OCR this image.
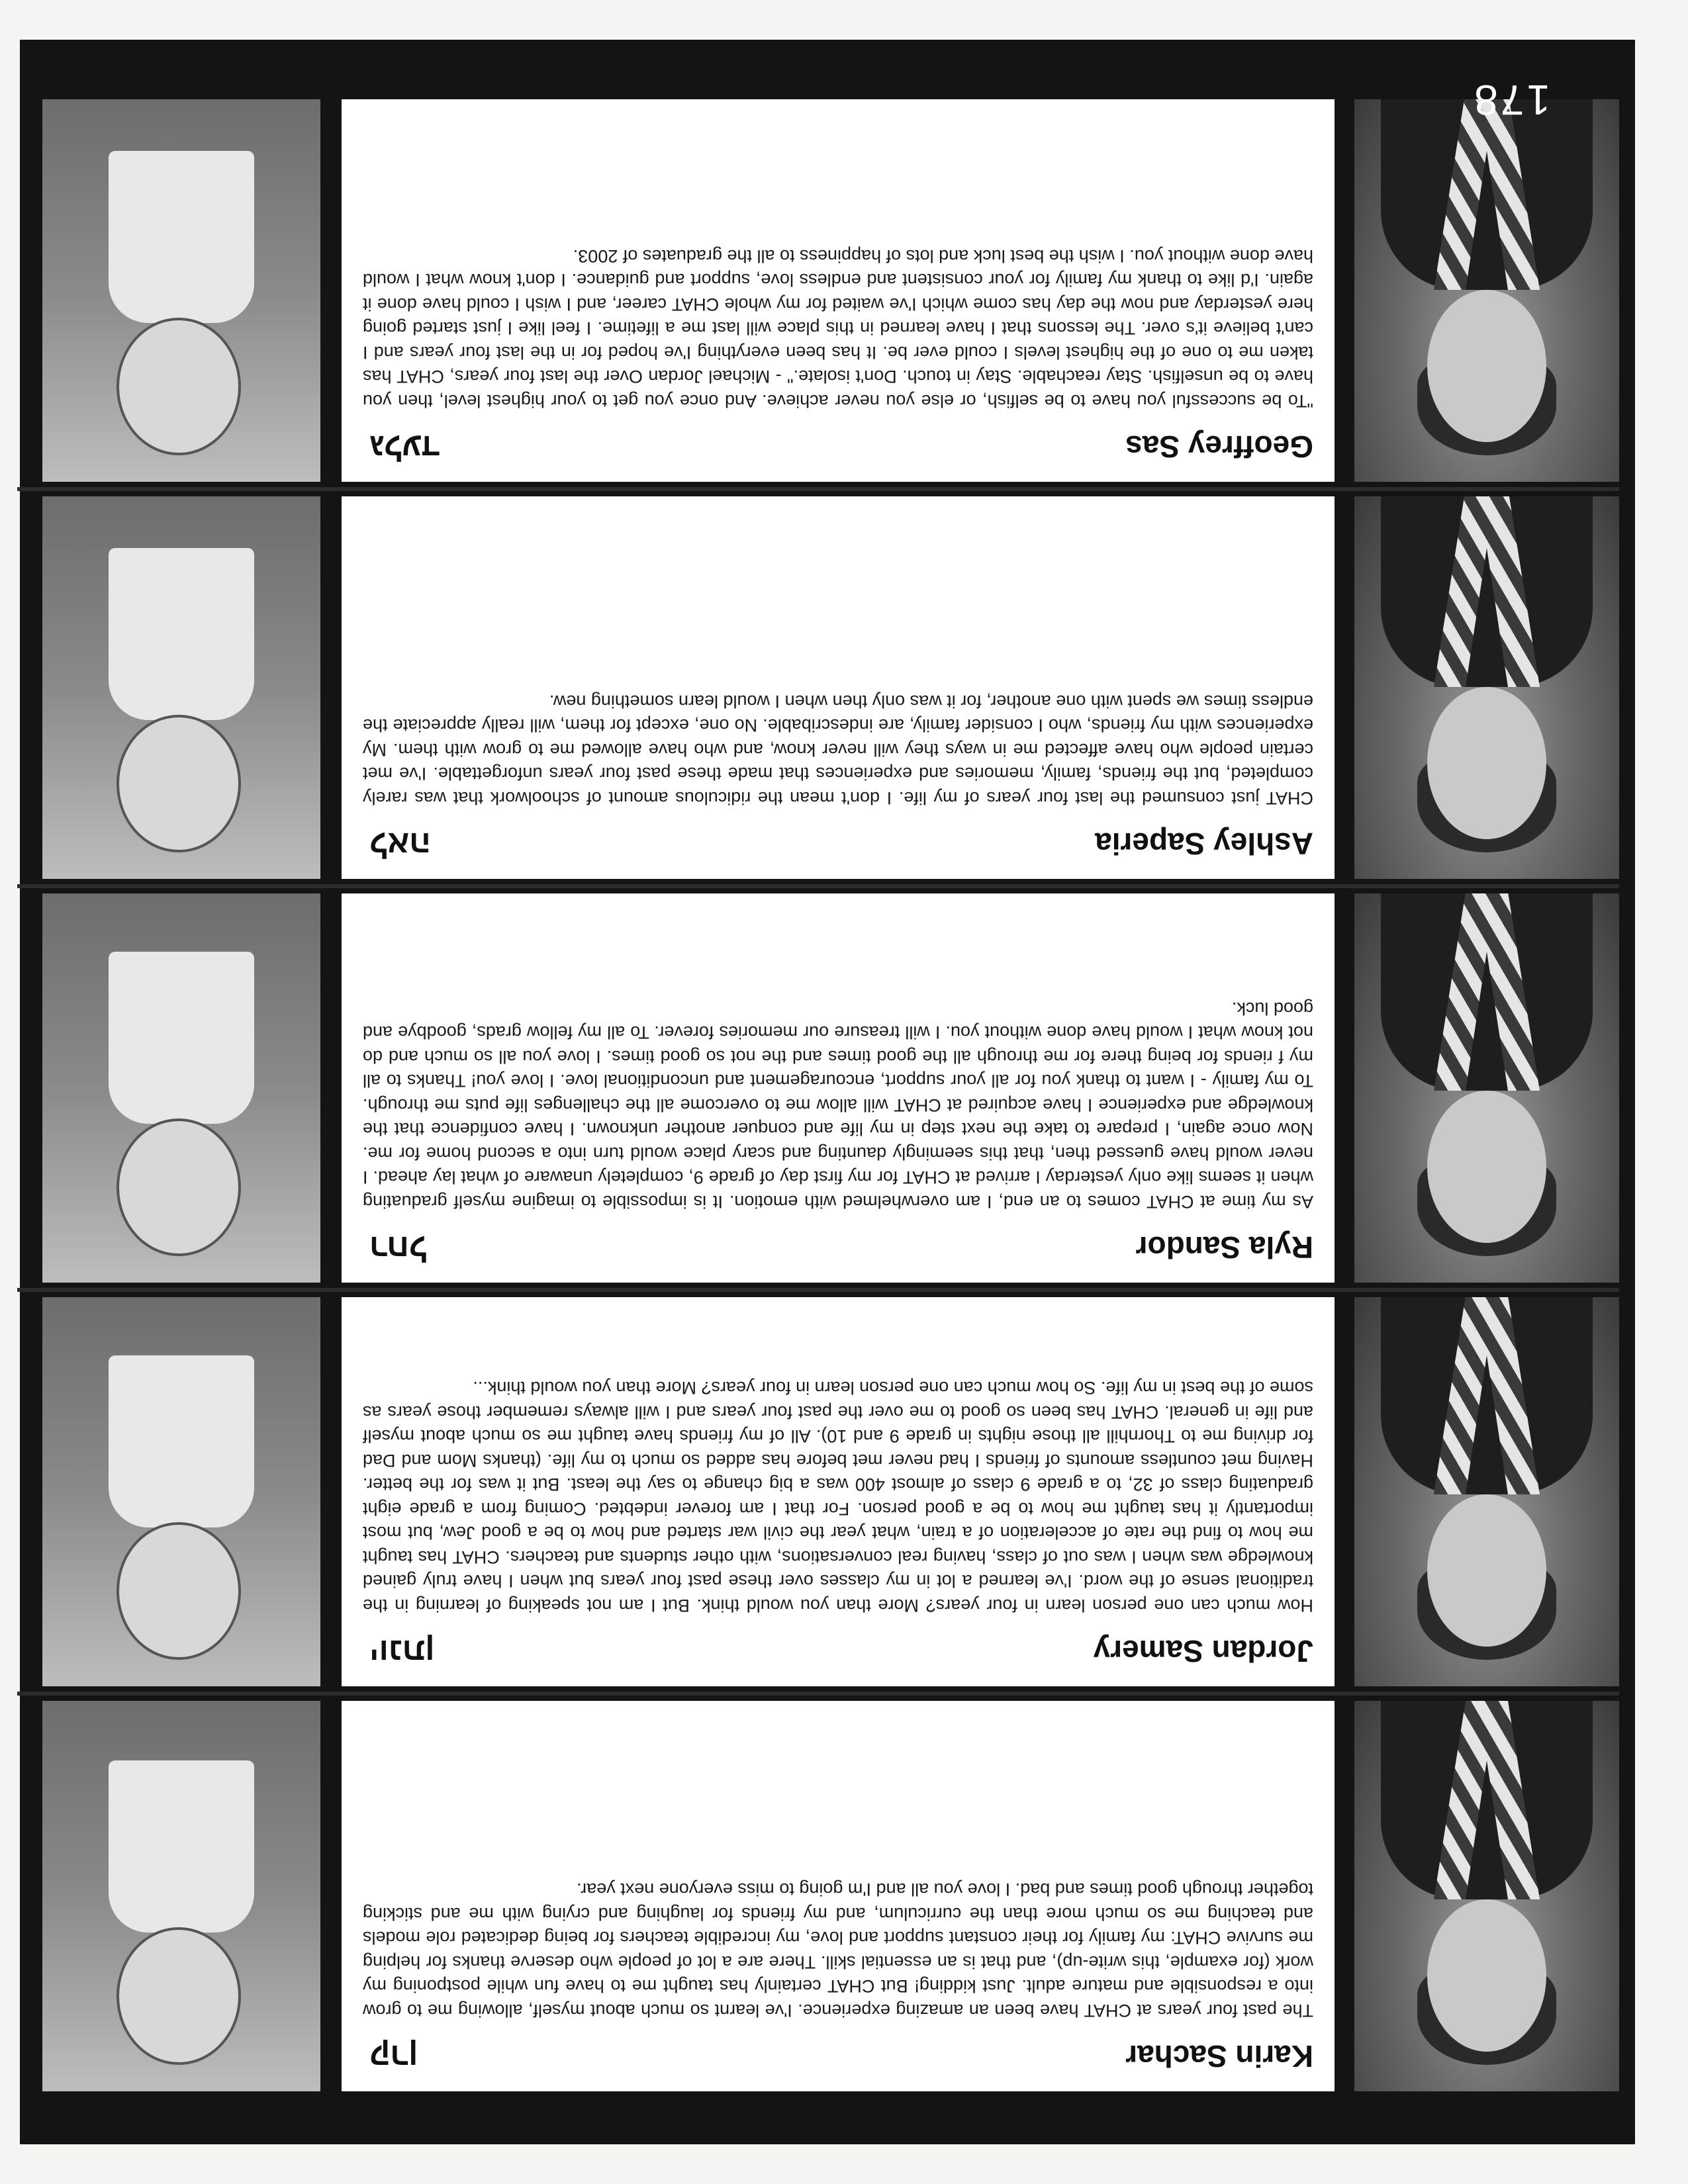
Karin Sachar
קרן
The past four years at CHAT have been an amazing experience. I've learnt so much about myself, allowing me to grow into a responsible and mature adult. Just kidding! But CHAT certainly has taught me to have fun while postponing my work (for example, this write-up), and that is an essential skill. There are a lot of people who deserve thanks for helping me survive CHAT: my family for their constant support and love, my incredible teachers for being dedicated role models and teaching me so much more than the curriculum, and my friends for laughing and crying with me and sticking together through good times and bad. I love you all and I'm going to miss everyone next year.
Jordan Samery
יונתן
How much can one person learn in four years? More than you would think. But I am not speaking of learning in the traditional sense of the word. I've learned a lot in my classes over these past four years but when I have truly gained knowledge was when I was out of class, having real conversations, with other students and teachers. CHAT has taught me how to find the rate of acceleration of a train, what year the civil war started and how to be a good Jew, but most importantly it has taught me how to be a good person. For that I am forever indebted. Coming from a grade eight graduating class of 32, to a grade 9 class of almost 400 was a big change to say the least. But it was for the better. Having met countless amounts of friends I had never met before has added so much to my life. (thanks Mom and Dad for driving me to Thornhill all those nights in grade 9 and 10). All of my friends have taught me so much about myself and life in general. CHAT has been so good to me over the past four years and I will always remember those years as some of the best in my life. So how much can one person learn in four years? More than you would think...
Ryla Sandor
רחל
As my time at CHAT comes to an end, I am overwhelmed with emotion. It is impossible to imagine myself graduating when it seems like only yesterday I arrived at CHAT for my first day of grade 9, completely unaware of what lay ahead. I never would have guessed then, that this seemingly daunting and scary place would turn into a second home for me. Now once again, I prepare to take the next step in my life and conquer another unknown. I have confidence that the knowledge and experience I have acquired at CHAT will allow me to overcome all the challenges life puts me through. To my family - I want to thank you for all your support, encouragement and unconditional love. I love you! Thanks to all my f riends for being there for me through all the good times and the not so good times. I love you all so much and do not know what I would have done without you. I will treasure our memories forever. To all my fellow grads, goodbye and good luck.
Ashley Saperia
לאה
CHAT just consumed the last four years of my life. I don't mean the ridiculous amount of schoolwork that was rarely completed, but the friends, family, memories and experiences that made these past four years unforgettable. I've met certain people who have affected me in ways they will never know, and who have allowed me to grow with them. My experiences with my friends, who I consider family, are indescribable. No one, except for them, will really appreciate the endless times we spent with one another, for it was only then when I would learn something new.
Geoffrey Sas
גלעד
"To be successful you have to be selfish, or else you never achieve. And once you get to your highest level, then you have to be unselfish. Stay reachable. Stay in touch. Don't isolate." - Michael Jordan Over the last four years, CHAT has taken me to one of the highest levels I could ever be. It has been everything I've hoped for in the last four years and I can't believe it's over. The lessons that I have learned in this place will last me a lifetime. I feel like I just started going here yesterday and now the day has come which I've waited for my whole CHAT career, and I wish I could have done it again. I'd like to thank my family for your consistent and endless love, support and guidance. I don't know what I would have done without you. I wish the best luck and lots of happiness to all the graduates of 2003.
178
